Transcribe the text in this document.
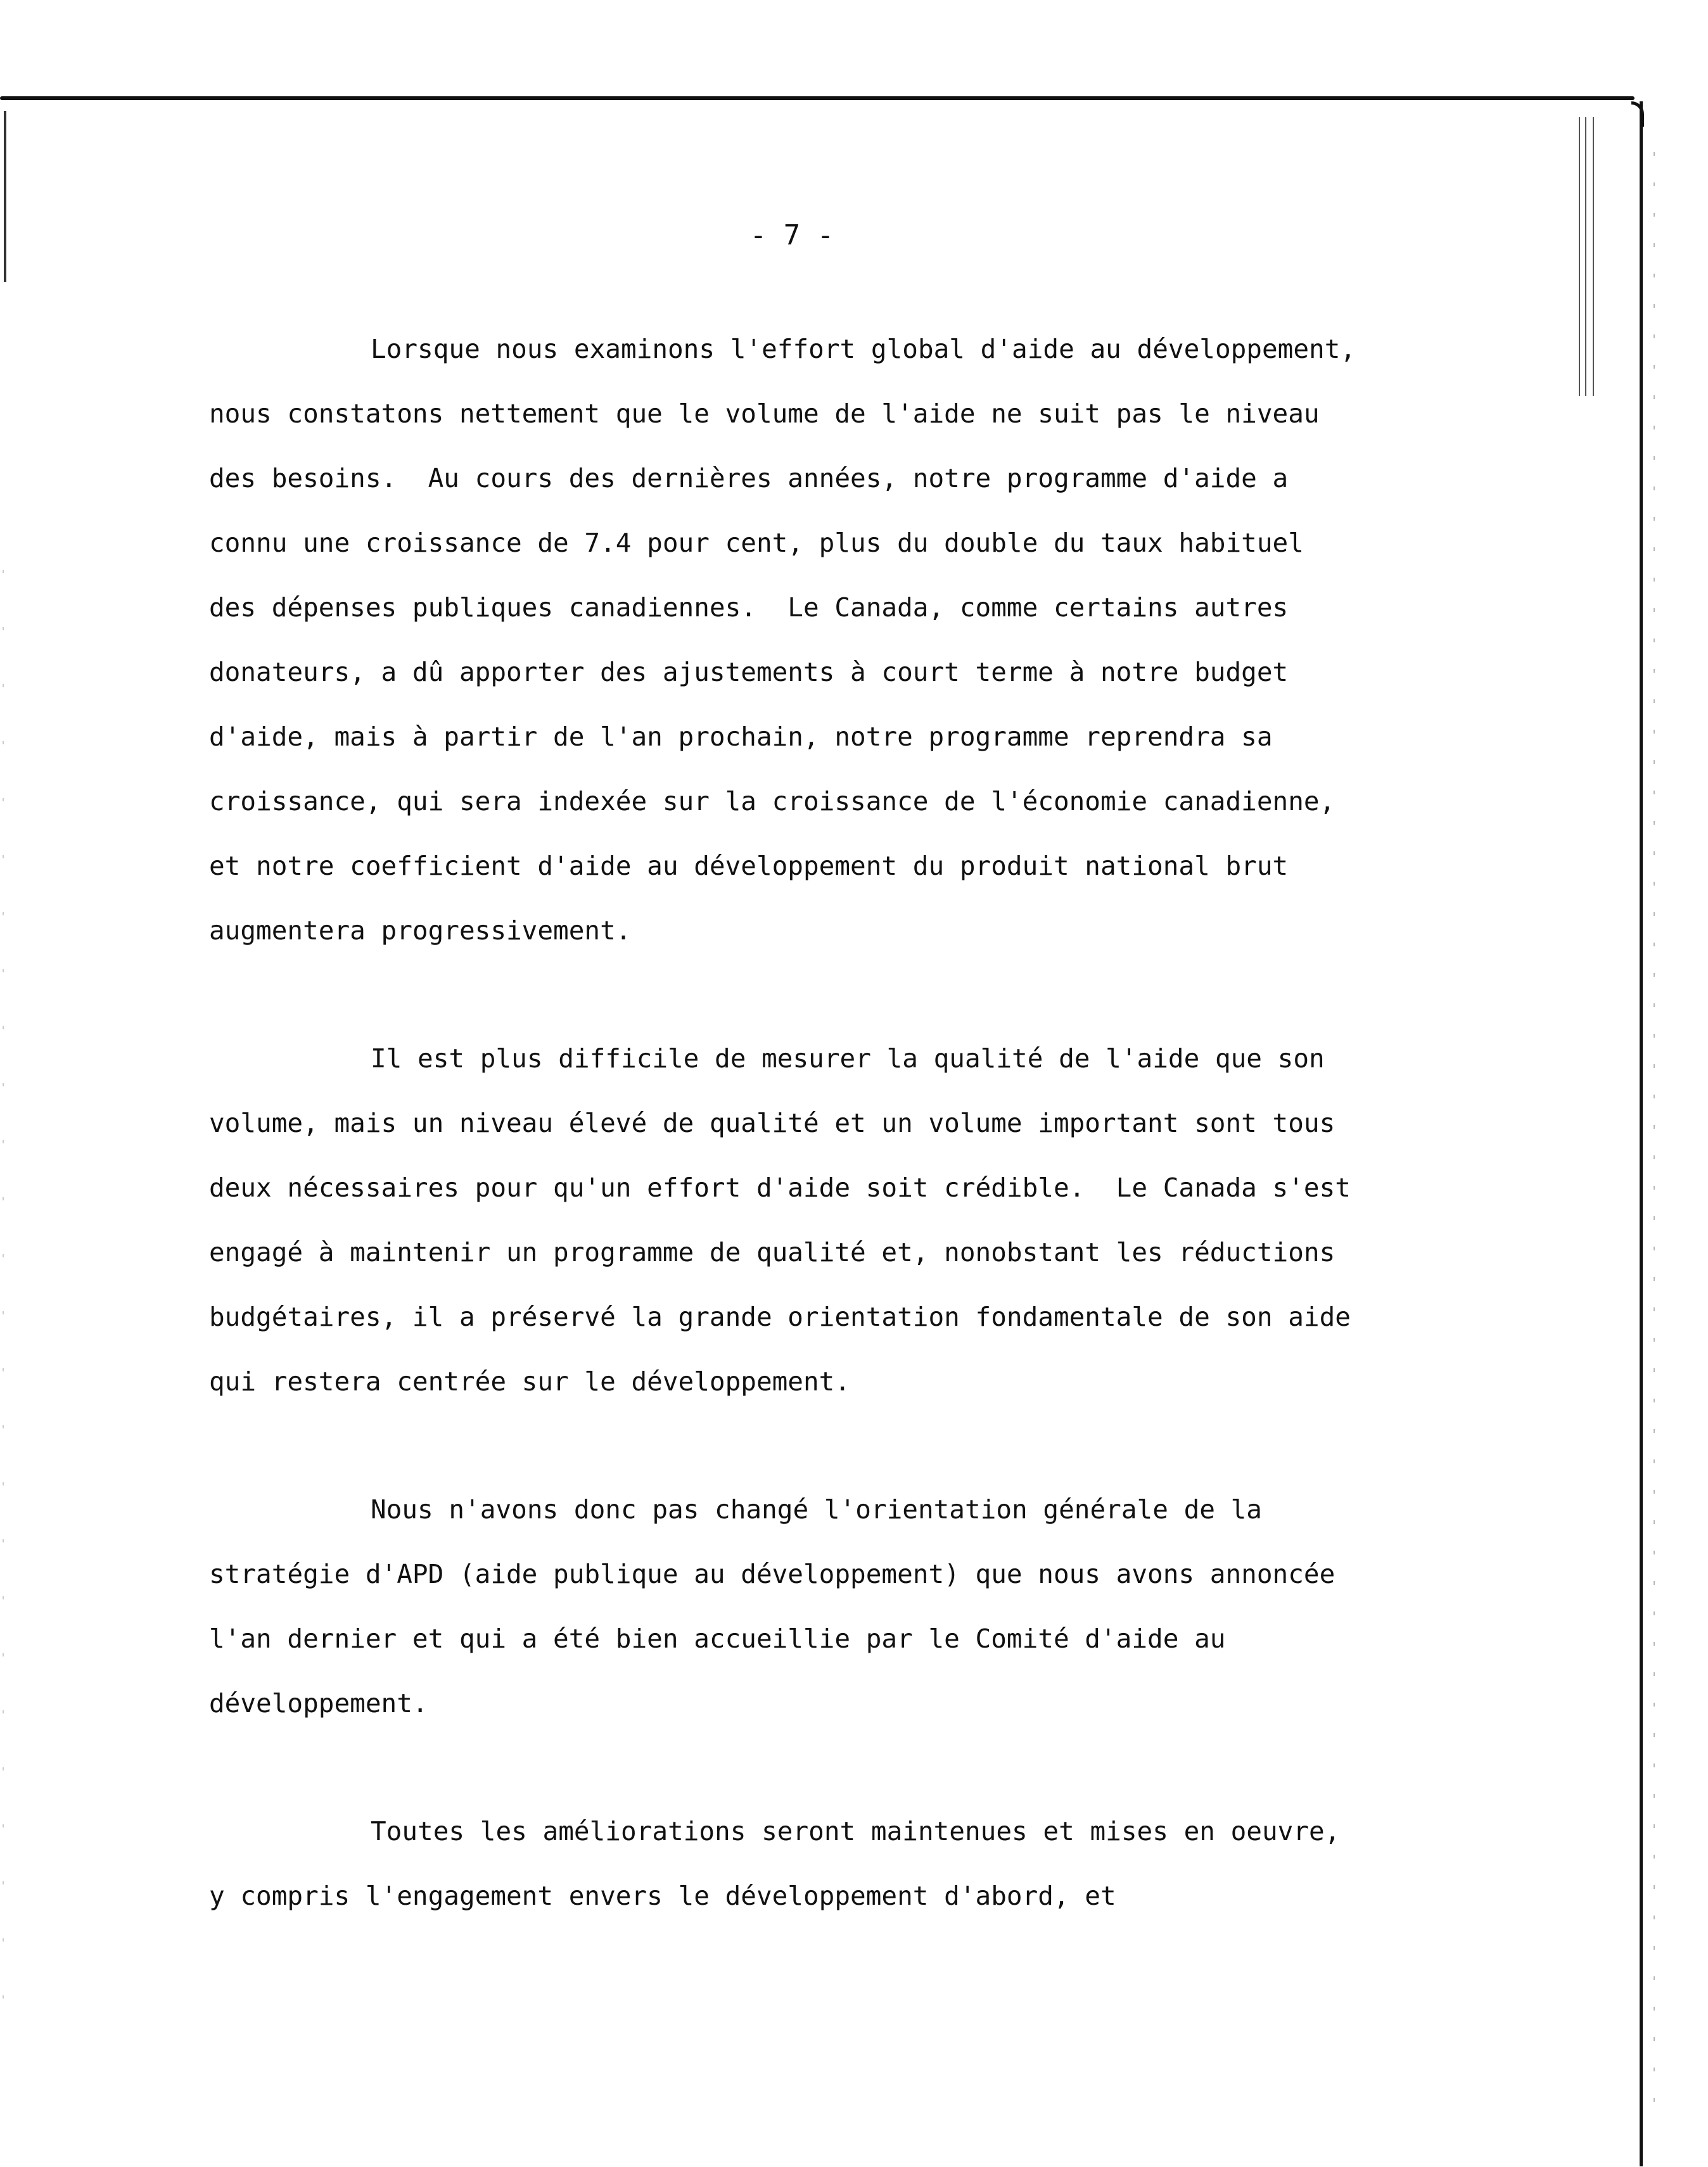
- 7 -
Lorsque nous examinons l'effort global d'aide au développement,
nous constatons nettement que le volume de l'aide ne suit pas le niveau
des besoins.  Au cours des dernières années, notre programme d'aide a
connu une croissance de 7.4 pour cent, plus du double du taux habituel
des dépenses publiques canadiennes.  Le Canada, comme certains autres
donateurs, a dû apporter des ajustements à court terme à notre budget
d'aide, mais à partir de l'an prochain, notre programme reprendra sa
croissance, qui sera indexée sur la croissance de l'économie canadienne,
et notre coefficient d'aide au développement du produit national brut
augmentera progressivement.
Il est plus difficile de mesurer la qualité de l'aide que son
volume, mais un niveau élevé de qualité et un volume important sont tous
deux nécessaires pour qu'un effort d'aide soit crédible.  Le Canada s'est
engagé à maintenir un programme de qualité et, nonobstant les réductions
budgétaires, il a préservé la grande orientation fondamentale de son aide
qui restera centrée sur le développement.
Nous n'avons donc pas changé l'orientation générale de la
stratégie d'APD (aide publique au développement) que nous avons annoncée
l'an dernier et qui a été bien accueillie par le Comité d'aide au
développement.
Toutes les améliorations seront maintenues et mises en oeuvre,
y compris l'engagement envers le développement d'abord, et
